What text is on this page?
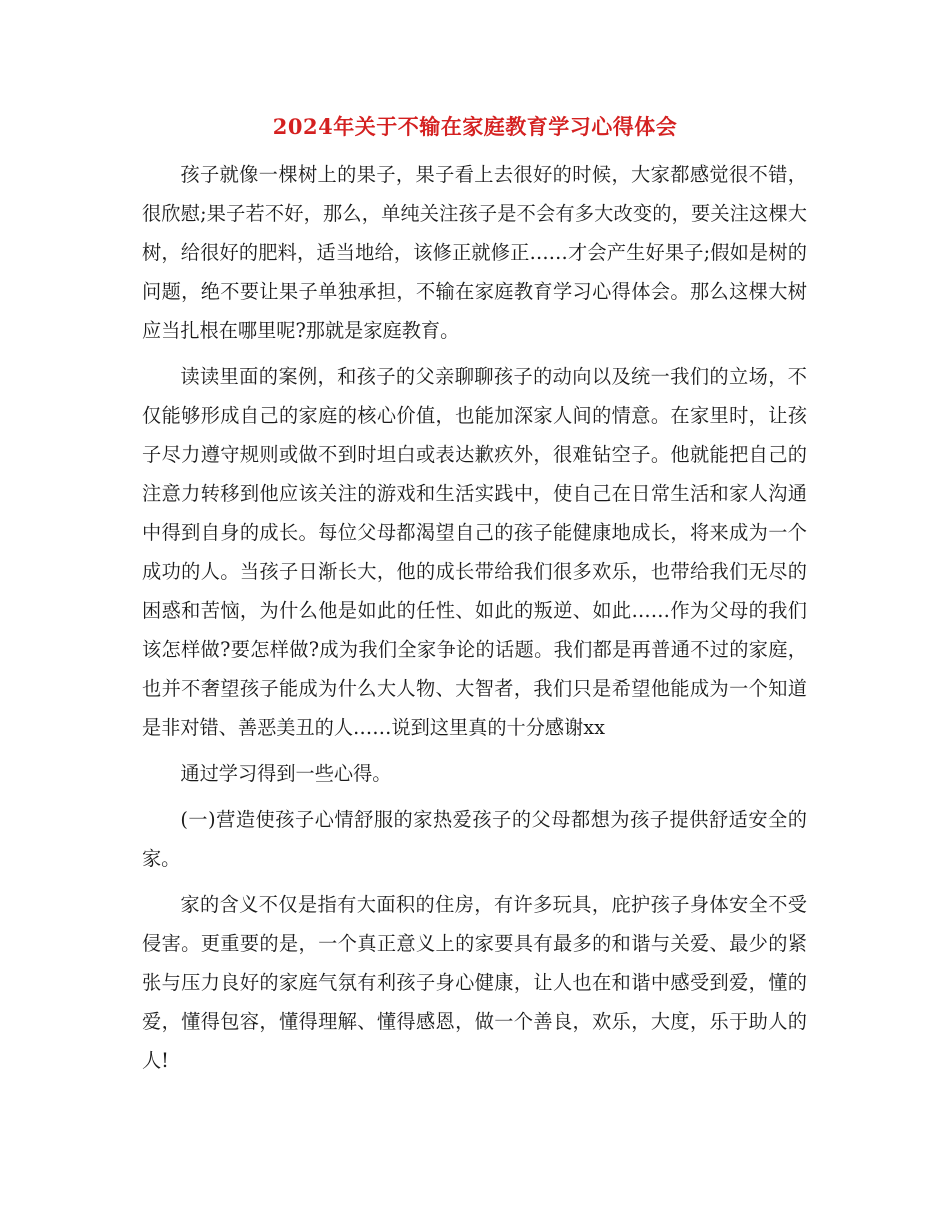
2024年关于不输在家庭教育学习心得体会

孩子就像一棵树上的果子，果子看上去很好的时候，大家都感觉很不错，很欣慰;果子若不好，那么，单纯关注孩子是不会有多大改变的，要关注这棵大树，给很好的肥料，适当地给，该修正就修正……才会产生好果子;假如是树的问题，绝不要让果子单独承担，不输在家庭教育学习心得体会。那么这棵大树应当扎根在哪里呢?那就是家庭教育。

读读里面的案例，和孩子的父亲聊聊孩子的动向以及统一我们的立场，不仅能够形成自己的家庭的核心价值，也能加深家人间的情意。在家里时，让孩子尽力遵守规则或做不到时坦白或表达歉疚外，很难钻空子。他就能把自己的注意力转移到他应该关注的游戏和生活实践中，使自己在日常生活和家人沟通中得到自身的成长。每位父母都渴望自己的孩子能健康地成长，将来成为一个成功的人。当孩子日渐长大，他的成长带给我们很多欢乐，也带给我们无尽的困惑和苦恼，为什么他是如此的任性、如此的叛逆、如此……作为父母的我们该怎样做?要怎样做?成为我们全家争论的话题。我们都是再普通不过的家庭，也并不奢望孩子能成为什么大人物、大智者，我们只是希望他能成为一个知道是非对错、善恶美丑的人……说到这里真的十分感谢xx

通过学习得到一些心得。

(一)营造使孩子心情舒服的家热爱孩子的父母都想为孩子提供舒适安全的家。

家的含义不仅是指有大面积的住房，有许多玩具，庇护孩子身体安全不受侵害。更重要的是，一个真正意义上的家要具有最多的和谐与关爱、最少的紧张与压力良好的家庭气氛有利孩子身心健康，让人也在和谐中感受到爱，懂的爱，懂得包容，懂得理解、懂得感恩，做一个善良，欢乐，大度，乐于助人的人!
